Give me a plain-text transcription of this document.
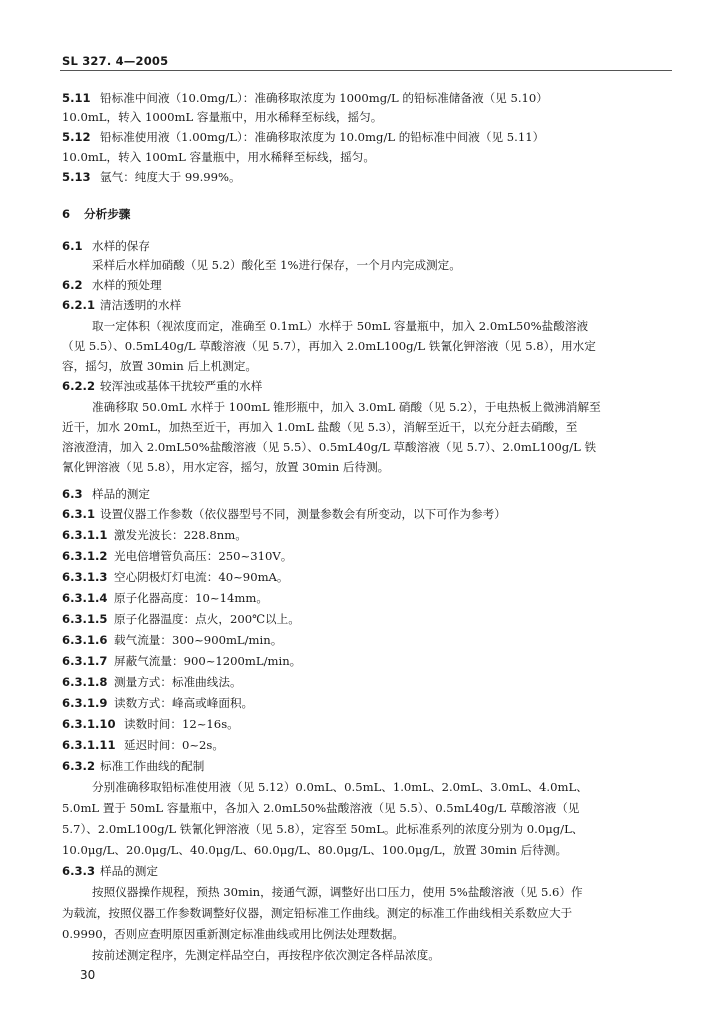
SL 327. 4—2005
5.11 铅标准中间液（10.0mg/L）：准确移取浓度为 1000mg/L 的铅标准储备液（见 5.10）
10.0mL，转入 1000mL 容量瓶中，用水稀释至标线，摇匀。
5.12 铅标准使用液（1.00mg/L）：准确移取浓度为 10.0mg/L 的铅标准中间液（见 5.11）
10.0mL，转入 100mL 容量瓶中，用水稀释至标线，摇匀。
5.13 氩气：纯度大于 99.99%。
6 分析步骤
6.1 水样的保存
采样后水样加硝酸（见 5.2）酸化至 1%进行保存，一个月内完成测定。
6.2 水样的预处理
6.2.1 清洁透明的水样
取一定体积（视浓度而定，准确至 0.1mL）水样于 50mL 容量瓶中，加入 2.0mL50%盐酸溶液
（见 5.5）、0.5mL40g/L 草酸溶液（见 5.7），再加入 2.0mL100g/L 铁氰化钾溶液（见 5.8），用水定
容，摇匀，放置 30min 后上机测定。
6.2.2 较浑浊或基体干扰较严重的水样
准确移取 50.0mL 水样于 100mL 锥形瓶中，加入 3.0mL 硝酸（见 5.2），于电热板上微沸消解至
近干，加水 20mL，加热至近干，再加入 1.0mL 盐酸（见 5.3），消解至近干，以充分赶去硝酸，至
溶液澄清，加入 2.0mL50%盐酸溶液（见 5.5）、0.5mL40g/L 草酸溶液（见 5.7）、2.0mL100g/L 铁
氰化钾溶液（见 5.8），用水定容，摇匀，放置 30min 后待测。
6.3 样品的测定
6.3.1 设置仪器工作参数（依仪器型号不同，测量参数会有所变动，以下可作为参考）
6.3.1.1 激发光波长：228.8nm。
6.3.1.2 光电倍增管负高压：250~310V。
6.3.1.3 空心阴极灯灯电流：40~90mA。
6.3.1.4 原子化器高度：10~14mm。
6.3.1.5 原子化器温度：点火，200℃以上。
6.3.1.6 载气流量：300~900mL/min。
6.3.1.7 屏蔽气流量：900~1200mL/min。
6.3.1.8 测量方式：标准曲线法。
6.3.1.9 读数方式：峰高或峰面积。
6.3.1.10 读数时间：12~16s。
6.3.1.11 延迟时间：0~2s。
6.3.2 标准工作曲线的配制
分别准确移取铅标准使用液（见 5.12）0.0mL、0.5mL、1.0mL、2.0mL、3.0mL、4.0mL、
5.0mL 置于 50mL 容量瓶中，各加入 2.0mL50%盐酸溶液（见 5.5）、0.5mL40g/L 草酸溶液（见
5.7）、2.0mL100g/L 铁氰化钾溶液（见 5.8），定容至 50mL。此标准系列的浓度分别为 0.0μg/L、
10.0μg/L、20.0μg/L、40.0μg/L、60.0μg/L、80.0μg/L、100.0μg/L，放置 30min 后待测。
6.3.3 样品的测定
按照仪器操作规程，预热 30min，接通气源，调整好出口压力，使用 5%盐酸溶液（见 5.6）作
为载流，按照仪器工作参数调整好仪器，测定铅标准工作曲线。测定的标准工作曲线相关系数应大于
0.9990，否则应查明原因重新测定标准曲线或用比例法处理数据。
按前述测定程序，先测定样品空白，再按程序依次测定各样品浓度。
30
